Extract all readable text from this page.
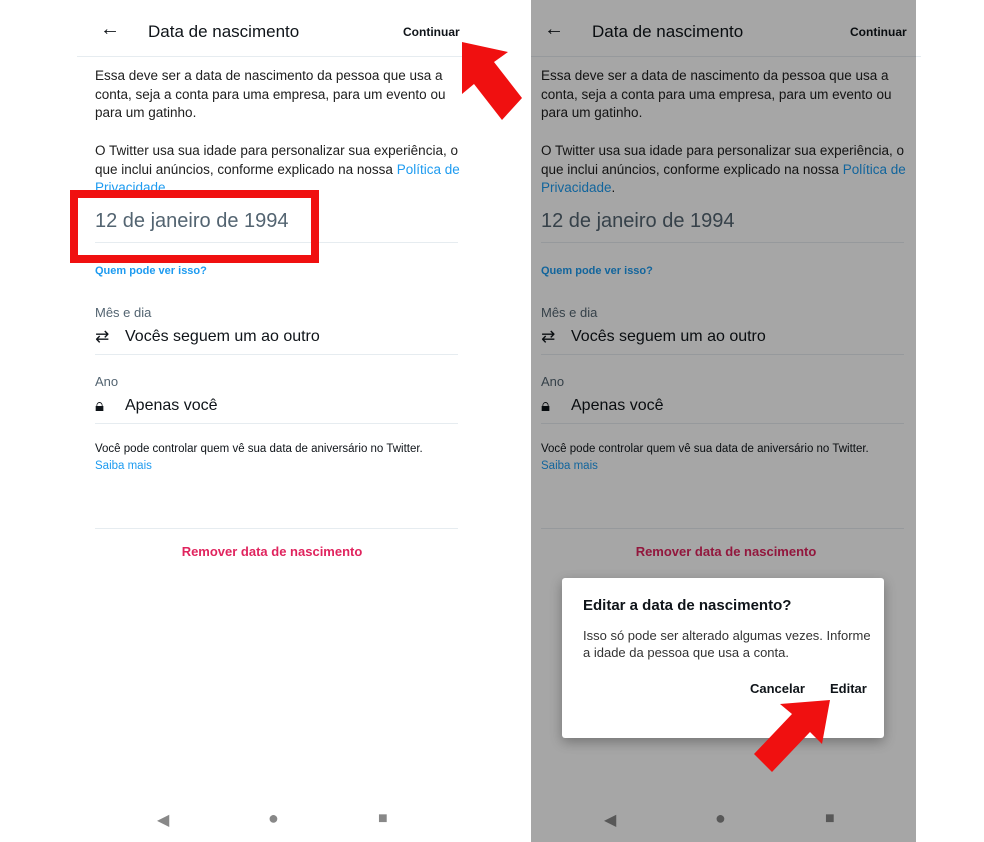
← Data de nascimento	Continuar
Essa deve ser a data de nascimento da pessoa que usa a conta, seja a conta para uma empresa, para um evento ou para um gatinho.
O Twitter usa sua idade para personalizar sua experiência, o que inclui anúncios, conforme explicado na nossa Política de Privacidade.
12 de janeiro de 1994
Quem pode ver isso?
Mês e dia
⇄ Vocês seguem um ao outro
Ano
🔒︎ Apenas você
Você pode controlar quem vê sua data de aniversário no Twitter.
Saiba mais
Remover data de nascimento
◀	●	■
← Data de nascimento	Continuar
Essa deve ser a data de nascimento da pessoa que usa a conta, seja a conta para uma empresa, para um evento ou para um gatinho.
O Twitter usa sua idade para personalizar sua experiência, o que inclui anúncios, conforme explicado na nossa Política de Privacidade.
12 de janeiro de 1994
Quem pode ver isso?
Mês e dia
⇄ Vocês seguem um ao outro
Ano
🔒︎ Apenas você
Você pode controlar quem vê sua data de aniversário no Twitter.
Saiba mais
Remover data de nascimento
◀	●	■
Editar a data de nascimento?
Isso só pode ser alterado algumas vezes. Informe a idade da pessoa que usa a conta.
Cancelar Editar
